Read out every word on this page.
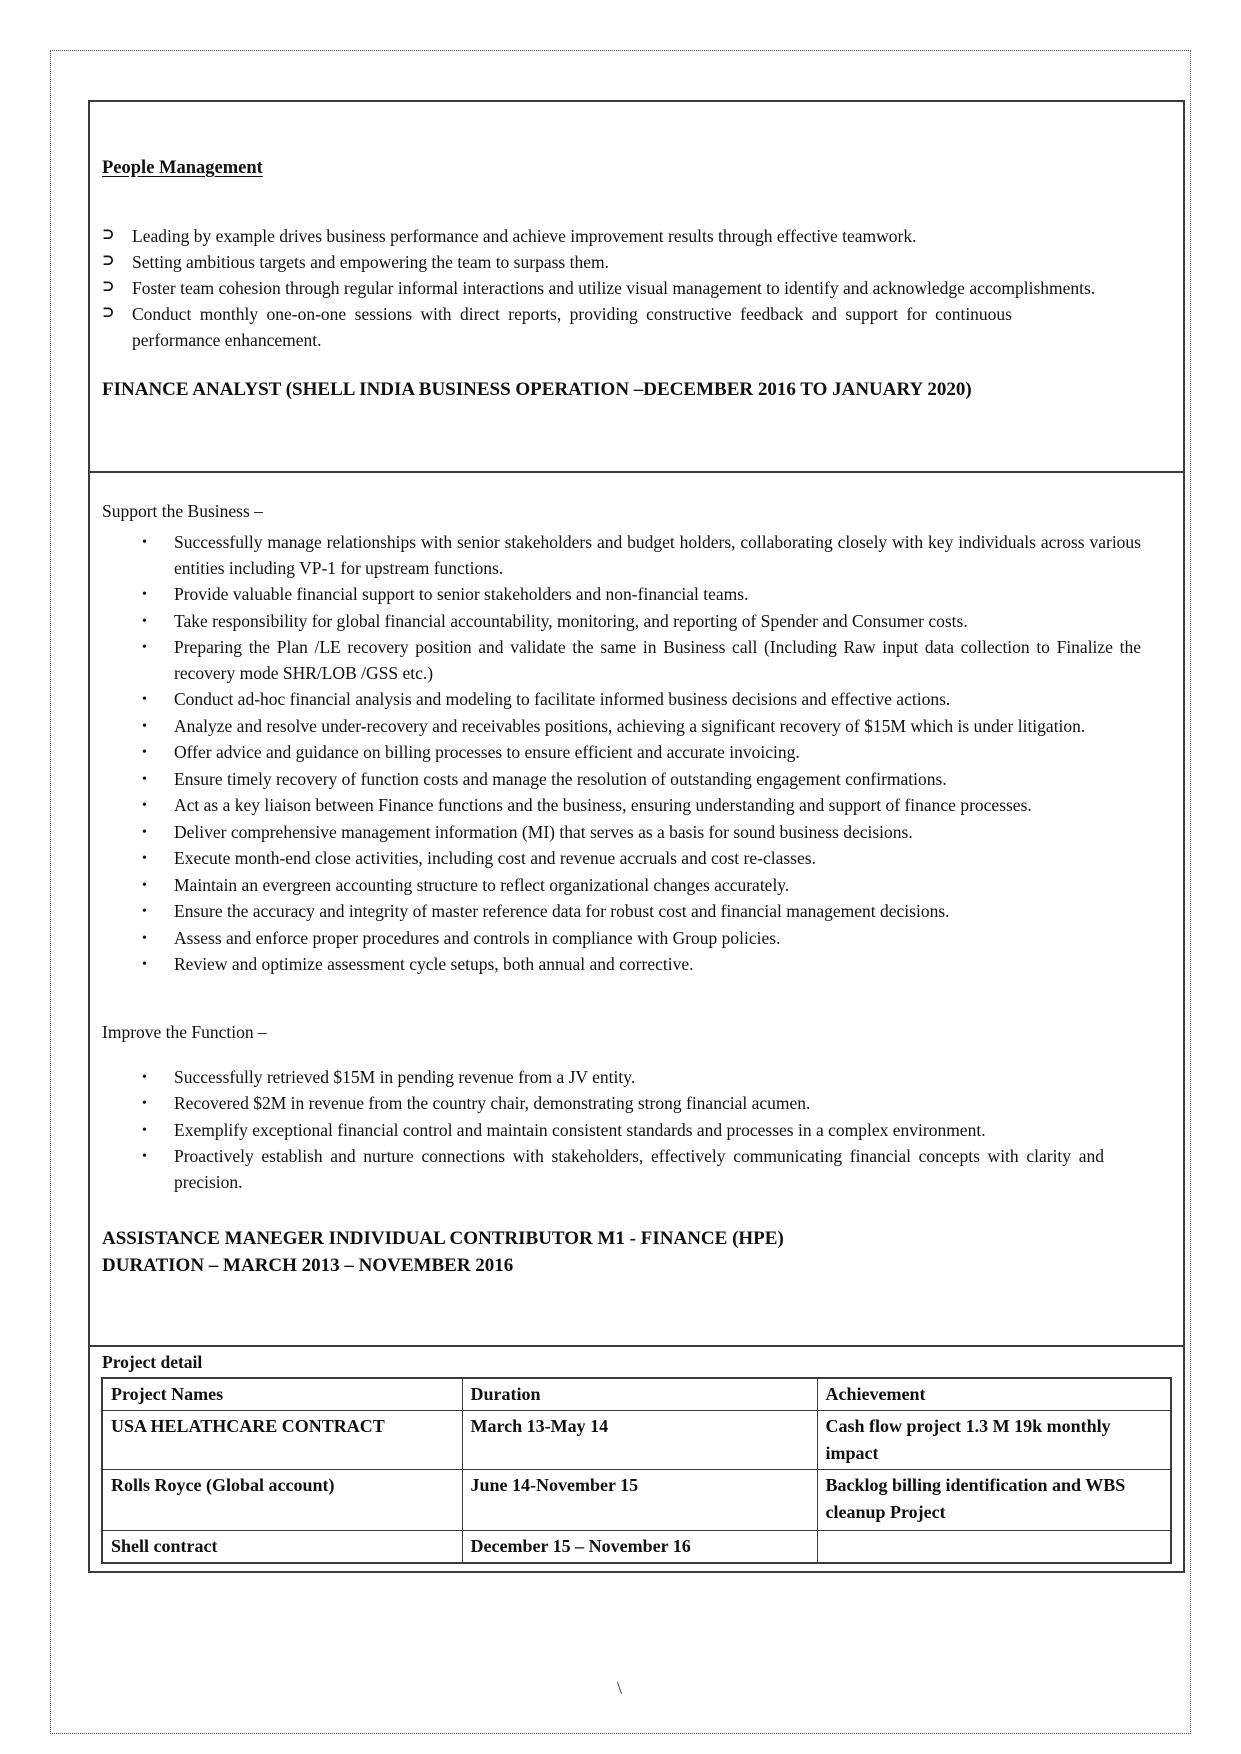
People Management
⊃ Leading by example drives business performance and achieve improvement results through effective teamwork.
⊃ Setting ambitious targets and empowering the team to surpass them.
⊃ Foster team cohesion through regular informal interactions and utilize visual management to identify and acknowledge accomplishments.
⊃ Conduct monthly one-on-one sessions with direct reports, providing constructive feedback and support for continuous performance enhancement.
FINANCE ANALYST (SHELL INDIA BUSINESS OPERATION –DECEMBER 2016 TO JANUARY 2020)
Support the Business –
•	Successfully manage relationships with senior stakeholders and budget holders, collaborating closely with key individuals across various entities including VP-1 for upstream functions.
•	Provide valuable financial support to senior stakeholders and non-financial teams.
•	Take responsibility for global financial accountability, monitoring, and reporting of Spender and Consumer costs.
•	Preparing the Plan /LE recovery position and validate the same in Business call (Including Raw input data collection to Finalize the recovery mode SHR/LOB /GSS etc.)
•	Conduct ad-hoc financial analysis and modeling to facilitate informed business decisions and effective actions.
•	Analyze and resolve under-recovery and receivables positions, achieving a significant recovery of $15M which is under litigation.
•	Offer advice and guidance on billing processes to ensure efficient and accurate invoicing.
•	Ensure timely recovery of function costs and manage the resolution of outstanding engagement confirmations.
•	Act as a key liaison between Finance functions and the business, ensuring understanding and support of finance processes.
•	Deliver comprehensive management information (MI) that serves as a basis for sound business decisions.
•	Execute month-end close activities, including cost and revenue accruals and cost re-classes.
•	Maintain an evergreen accounting structure to reflect organizational changes accurately.
•	Ensure the accuracy and integrity of master reference data for robust cost and financial management decisions.
•	Assess and enforce proper procedures and controls in compliance with Group policies.
•	Review and optimize assessment cycle setups, both annual and corrective.
Improve the Function –
•	Successfully retrieved $15M in pending revenue from a JV entity.
•	Recovered $2M in revenue from the country chair, demonstrating strong financial acumen.
•	Exemplify exceptional financial control and maintain consistent standards and processes in a complex environment.
•	Proactively establish and nurture connections with stakeholders, effectively communicating financial concepts with clarity and precision.
ASSISTANCE MANEGER INDIVIDUAL CONTRIBUTOR M1 - FINANCE (HPE)
DURATION – MARCH 2013 – NOVEMBER 2016
Project detail
Project Names	Duration	Achievement
USA HELATHCARE CONTRACT	March 13-May 14	Cash flow project 1.3 M 19k monthly impact
Rolls Royce (Global account)	June 14-November 15	Backlog billing identification and WBS cleanup Project
Shell contract	December 15 – November 16	
\
